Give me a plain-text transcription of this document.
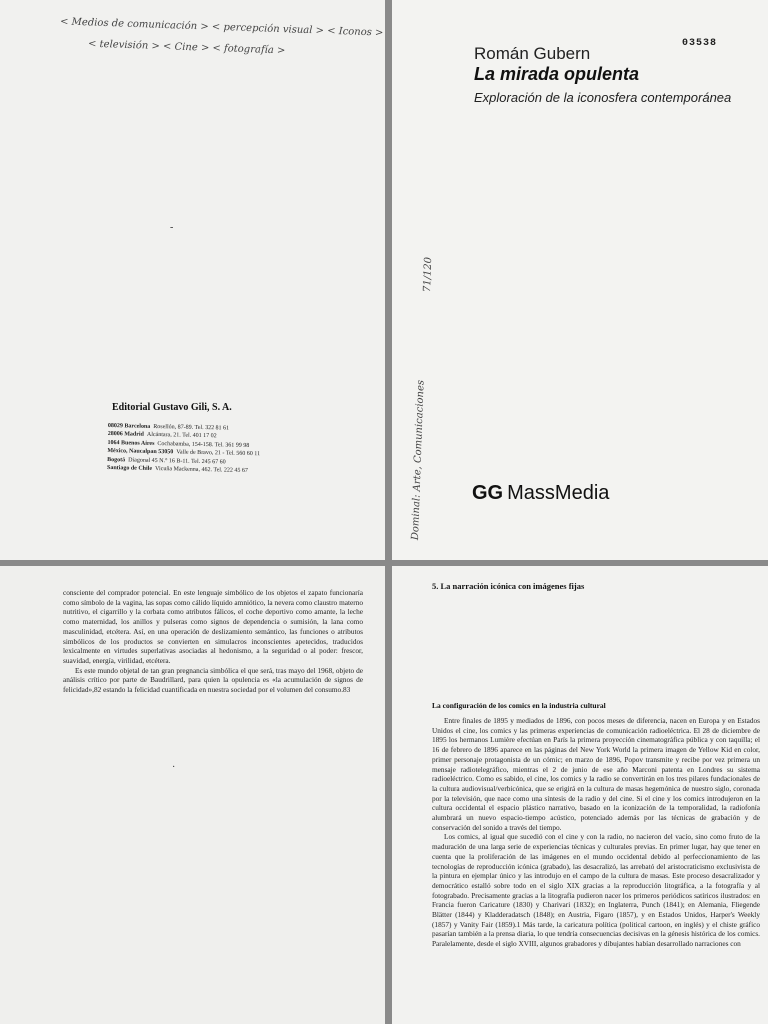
< Medios de comunicación > < percepción visual > < Iconos >
< televisión > < Cine > < fotografía >
-
Editorial Gustavo Gili, S. A.
08029 Barcelona Rosellón, 87-89. Tel. 322 81 61
28006 Madrid Alcántara, 21. Tel. 401 17 02
1064 Buenos Aires Cochabamba, 154-158. Tel. 361 99 98
México, Naucalpan 53050 Valle de Bravo, 21 - Tel. 560 60 11
Bogotá Diagonal 45 N.° 16 B-11. Tel. 245 67 60
Santiago de Chile Vicuña Mackenna, 462. Tel. 222 45 67
03538
Román Gubern
La mirada opulenta
Exploración de la iconosfera contemporánea
71/120
Dominal: Arte, Comunicaciones GG MassMedia

consciente del comprador potencial. En este lenguaje simbólico de los objetos el zapato funcionaría como símbolo de la vagina, las sopas como cálido líquido amniótico, la nevera como claustro materno nutritivo, el cigarrillo y la corbata como atributos fálicos, el coche deportivo como amante, la leche como maternidad, los anillos y pulseras como signos de dependencia o sumisión, la lana como masculinidad, etcétera. Así, en una operación de deslizamiento semántico, las funciones o atributos simbólicos de los productos se convierten en simulacros inconscientes apetecidos, traducidos lexicalmente en virtudes superlativas asociadas al hedonismo, a la seguridad o al poder: frescor, suavidad, energía, virilidad, etcétera.

Es este mundo objetal de tan gran pregnancia simbólica el que será, tras mayo del 1968, objeto de análisis crítico por parte de Baudrillard, para quien la opulencia es «la acumulación de signos de felicidad»,82 estando la felicidad cuantificada en nuestra sociedad por el volumen del consumo.83

·
5. La narración icónica con imágenes fijas
La configuración de los comics en la industria cultural

Entre finales de 1895 y mediados de 1896, con pocos meses de diferencia, nacen en Europa y en Estados Unidos el cine, los comics y las primeras experiencias de comunicación radioeléctrica. El 28 de diciembre de 1895 los hermanos Lumière efectúan en París la primera proyección cinematográfica pública y con taquilla; el 16 de febrero de 1896 aparece en las páginas del New York World la primera imagen de Yellow Kid en color, primer personaje protagonista de un cómic; en marzo de 1896, Popov transmite y recibe por vez primera un mensaje radiotelegráfico, mientras el 2 de junio de ese año Marconi patenta en Londres su sistema radioeléctrico. Como es sabido, el cine, los comics y la radio se convertirán en los tres pilares fundacionales de la cultura audiovisual/verbicónica, que se erigirá en la cultura de masas hegemónica de nuestro siglo, coronada por la televisión, que nace como una síntesis de la radio y del cine. Si el cine y los comics introdujeron en la cultura occidental el espacio plástico narrativo, basado en la iconización de la temporalidad, la radiofonía alumbrará un nuevo espacio-tiempo acústico, potenciado además por las técnicas de grabación y de conservación del sonido a través del tiempo.

Los comics, al igual que sucedió con el cine y con la radio, no nacieron del vacío, sino como fruto de la maduración de una larga serie de experiencias técnicas y culturales previas. En primer lugar, hay que tener en cuenta que la proliferación de las imágenes en el mundo occidental debido al perfeccionamiento de las tecnologías de reproducción icónica (grabado), las desacralizó, las arrebató del aristocraticismo exclusivista de la pintura en ejemplar único y las introdujo en el campo de la cultura de masas. Este proceso desacralizador y democrático estalló sobre todo en el siglo XIX gracias a la reproducción litográfica, a la fotografía y al fotograbado. Precisamente gracias a la litografía pudieron nacer los primeros periódicos satíricos ilustrados: en Francia fueron Caricature (1830) y Charivari (1832); en Inglaterra, Punch (1841); en Alemania, Fliegende Blätter (1844) y Kladderadatsch (1848); en Austria, Figaro (1857), y en Estados Unidos, Harper's Weekly (1857) y Vanity Fair (1859).1 Más tarde, la caricatura política (political cartoon, en inglés) y el chiste gráfico pasarían también a la prensa diaria, lo que tendría consecuencias decisivas en la génesis histórica de los comics. Paralelamente, desde el siglo XVIII, algunos grabadores y dibujantes habían desarrollado narraciones con
